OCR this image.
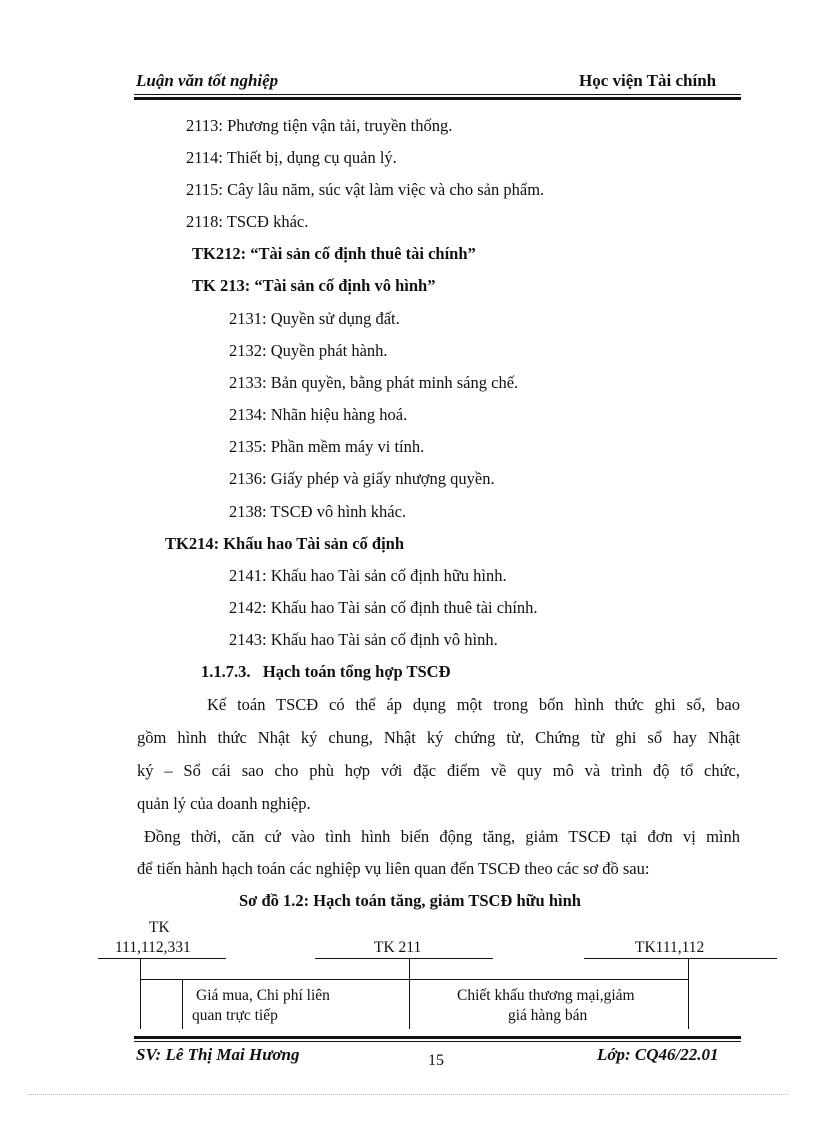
Luận văn tốt nghiệp	Học viện Tài chính
2113: Phương tiện vận tải, truyền thống.
2114: Thiết bị, dụng cụ quản lý.
2115: Cây lâu năm, súc vật làm việc và cho sản phẩm.
2118: TSCĐ khác.
TK212: “Tài sản cố định thuê tài chính”
TK 213: “Tài sản cố định vô hình”
2131: Quyền sử dụng đất.
2132: Quyền phát hành.
2133: Bản quyền, bằng phát minh sáng chế.
2134: Nhãn hiệu hàng hoá.
2135: Phần mềm máy vi tính.
2136: Giấy phép và giấy nhượng quyền.
2138: TSCĐ vô hình khác.
TK214: Khấu hao Tài sản cố định
2141: Khấu hao Tài sản cố định hữu hình.
2142: Khấu hao Tài sản cố định thuê tài chính.
2143: Khấu hao Tài sản cố định vô hình.
1.1.7.3.   Hạch toán tổng hợp TSCĐ
Kế toán TSCĐ có thể áp dụng một trong bốn hình thức ghi sổ, bao
gồm hình thức Nhật ký chung, Nhật ký chứng từ, Chứng từ ghi sổ hay Nhật
ký – Sổ cái sao cho phù hợp với đặc điểm về quy mô và trình độ tổ chức,
quản lý của doanh nghiệp.
Đồng thời, căn cứ vào tình hình biến động tăng, giảm TSCĐ tại đơn vị mình
để tiến hành hạch toán các nghiệp vụ liên quan đến TSCĐ theo các sơ đồ sau:
Sơ đồ 1.2: Hạch toán tăng, giảm TSCĐ hữu hình
TK
111,112,331	TK 211	TK111,112
Giá mua, Chi phí liên
quan trực tiếp
Chiết khấu thương mại,giảm
giá hàng bán
SV: Lê Thị Mai Hương	15	Lớp: CQ46/22.01
